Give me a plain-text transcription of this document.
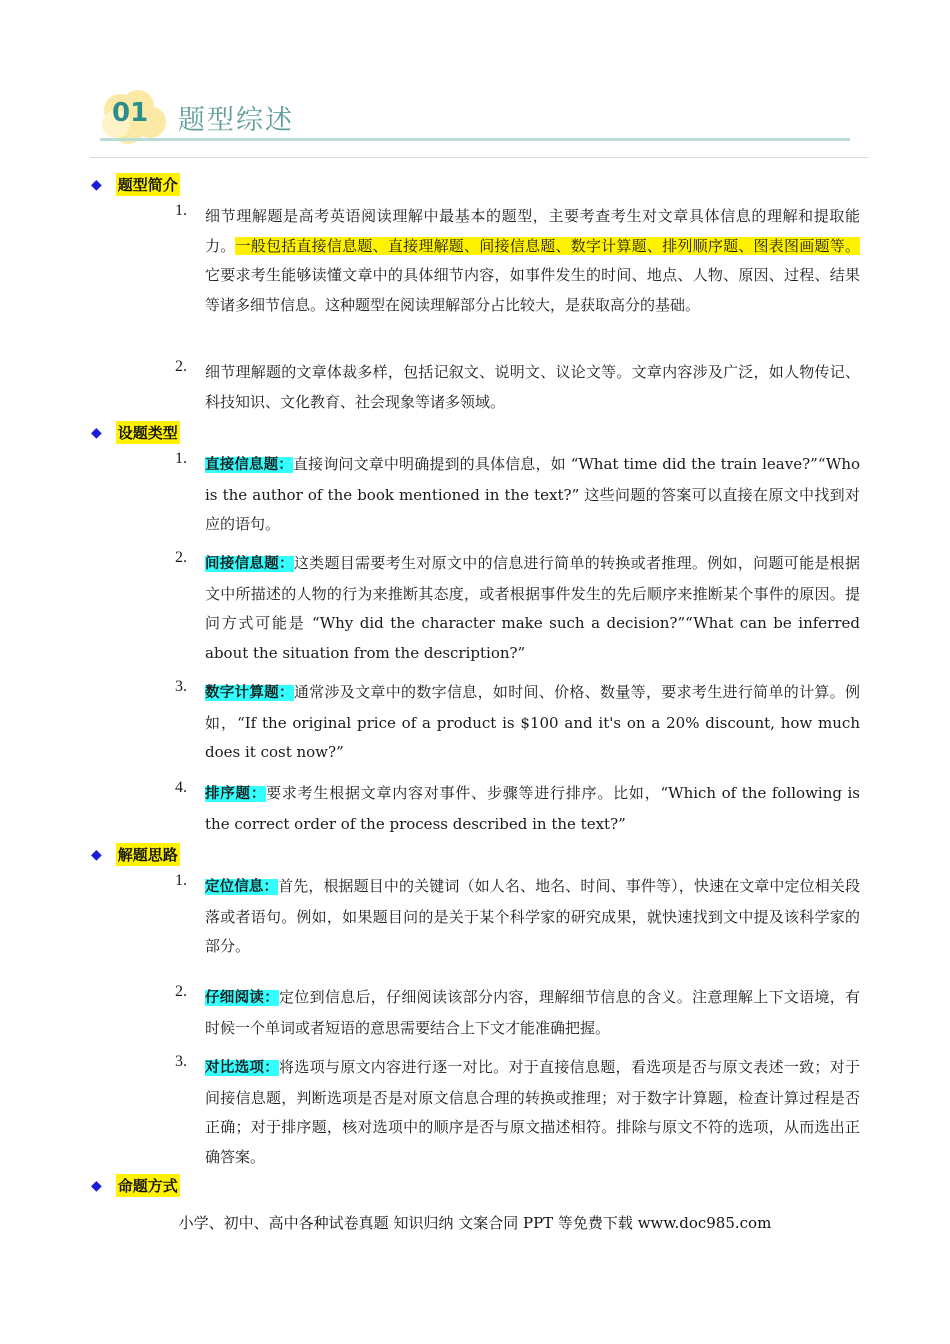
01 题型综述
◆ 题型简介
1. 细节理解题是高考英语阅读理解中最基本的题型，主要考查考生对文章具体信息的理解和提取能力。一般包括直接信息题、直接理解题、间接信息题、数字计算题、排列顺序题、图表图画题等。它要求考生能够读懂文章中的具体细节内容，如事件发生的时间、地点、人物、原因、过程、结果等诸多细节信息。这种题型在阅读理解部分占比较大，是获取高分的基础。
2. 细节理解题的文章体裁多样，包括记叙文、说明文、议论文等。文章内容涉及广泛，如人物传记、科技知识、文化教育、社会现象等诸多领域。
◆ 设题类型
1. 直接信息题：直接询问文章中明确提到的具体信息，如 “What time did the train leave?”“Who is the author of the book mentioned in the text?” 这些问题的答案可以直接在原文中找到对应的语句。
2. 间接信息题：这类题目需要考生对原文中的信息进行简单的转换或者推理。例如，问题可能是根据文中所描述的人物的行为来推断其态度，或者根据事件发生的先后顺序来推断某个事件的原因。提问方式可能是 “Why did the character make such a decision?”“What can be inferred about the situation from the description?”
3. 数字计算题：通常涉及文章中的数字信息，如时间、价格、数量等，要求考生进行简单的计算。例如，“If the original price of a product is $100 and it's on a 20% discount, how much does it cost now?”
4. 排序题：要求考生根据文章内容对事件、步骤等进行排序。比如，“Which of the following is the correct order of the process described in the text?”
◆ 解题思路
1. 定位信息：首先，根据题目中的关键词（如人名、地名、时间、事件等），快速在文章中定位相关段落或者语句。例如，如果题目问的是关于某个科学家的研究成果，就快速找到文中提及该科学家的部分。
2. 仔细阅读：定位到信息后，仔细阅读该部分内容，理解细节信息的含义。注意理解上下文语境，有时候一个单词或者短语的意思需要结合上下文才能准确把握。
3. 对比选项：将选项与原文内容进行逐一对比。对于直接信息题，看选项是否与原文表述一致；对于间接信息题，判断选项是否是对原文信息合理的转换或推理；对于数字计算题，检查计算过程是否正确；对于排序题，核对选项中的顺序是否与原文描述相符。排除与原文不符的选项，从而选出正确答案。
◆ 命题方式
小学、初中、高中各种试卷真题 知识归纳 文案合同 PPT 等免费下载 www.doc985.com
